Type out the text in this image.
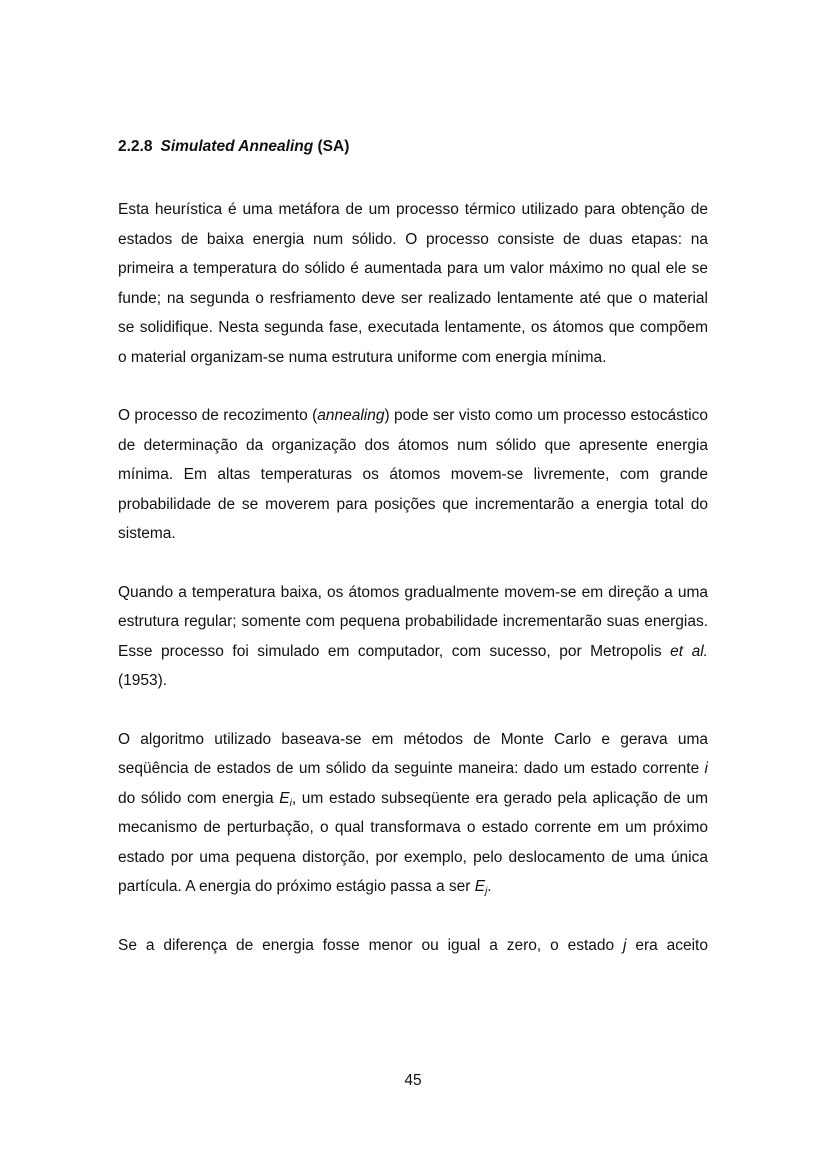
2.2.8 Simulated Annealing (SA)

Esta heurística é uma metáfora de um processo térmico utilizado para obtenção de estados de baixa energia num sólido. O processo consiste de duas etapas: na primeira a temperatura do sólido é aumentada para um valor máximo no qual ele se funde; na segunda o resfriamento deve ser realizado lentamente até que o material se solidifique. Nesta segunda fase, executada lentamente, os átomos que compõem o material organizam-se numa estrutura uniforme com energia mínima.

O processo de recozimento (annealing) pode ser visto como um processo estocástico de determinação da organização dos átomos num sólido que apresente energia mínima. Em altas temperaturas os átomos movem-se livremente, com grande probabilidade de se moverem para posições que incrementarão a energia total do sistema.

Quando a temperatura baixa, os átomos gradualmente movem-se em direção a uma estrutura regular; somente com pequena probabilidade incrementarão suas energias. Esse processo foi simulado em computador, com sucesso, por Metropolis et al. (1953).

O algoritmo utilizado baseava-se em métodos de Monte Carlo e gerava uma seqüência de estados de um sólido da seguinte maneira: dado um estado corrente i do sólido com energia $E_i$, um estado subseqüente era gerado pela aplicação de um mecanismo de perturbação, o qual transformava o estado corrente em um próximo estado por uma pequena distorção, por exemplo, pelo deslocamento de uma única partícula. A energia do próximo estágio passa a ser $E_j$.

Se a diferença de energia fosse menor ou igual a zero, o estado j era aceito

45
